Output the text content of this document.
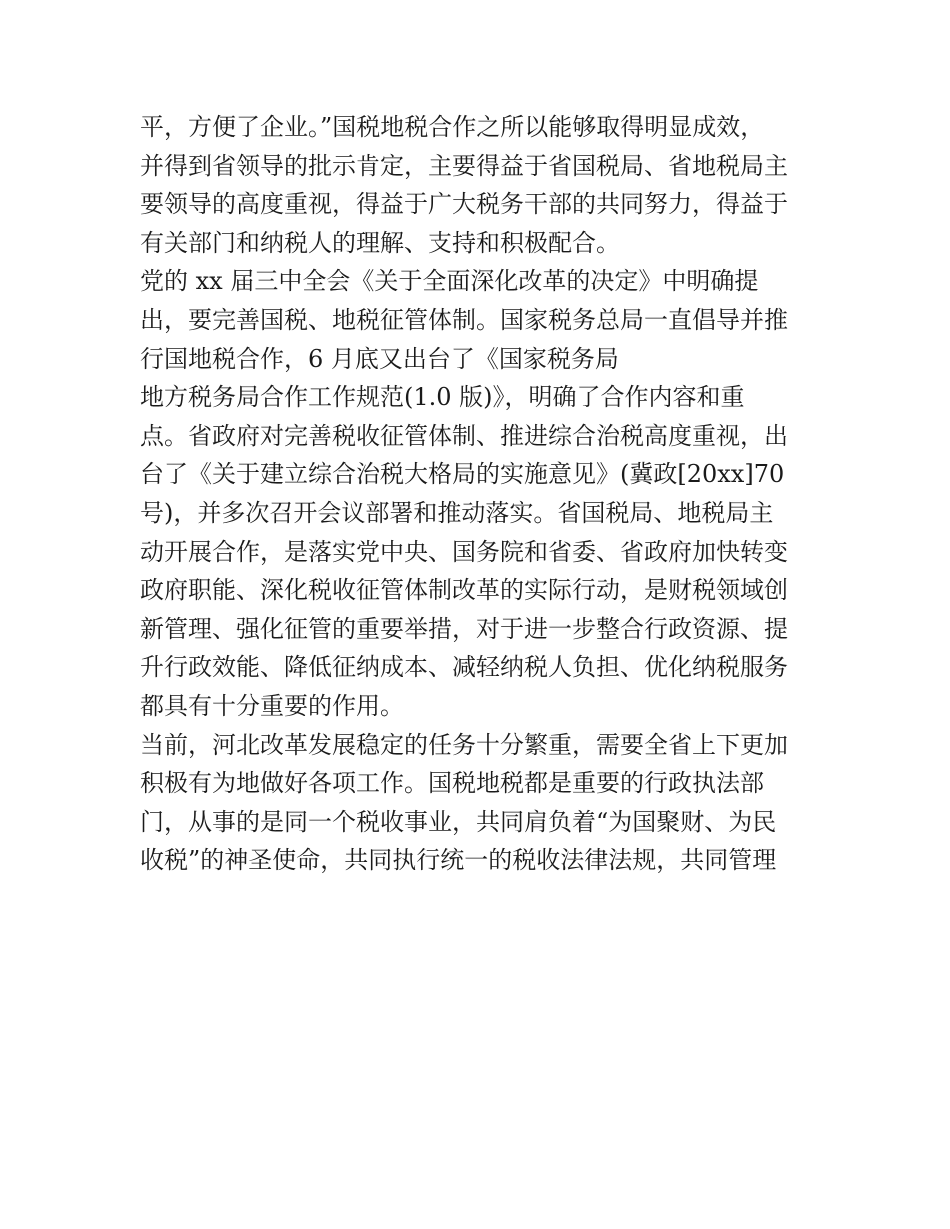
平，方便了企业。”国税地税合作之所以能够取得明显成效，
并得到省领导的批示肯定，主要得益于省国税局、省地税局主
要领导的高度重视，得益于广大税务干部的共同努力，得益于
有关部门和纳税人的理解、支持和积极配合。
党的 xx 届三中全会《关于全面深化改革的决定》中明确提
出，要完善国税、地税征管体制。国家税务总局一直倡导并推
行国地税合作，6 月底又出台了《国家税务局
地方税务局合作工作规范(1.0 版)》，明确了合作内容和重
点。省政府对完善税收征管体制、推进综合治税高度重视，出
台了《关于建立综合治税大格局的实施意见》(冀政[20xx]70
号)，并多次召开会议部署和推动落实。省国税局、地税局主
动开展合作，是落实党中央、国务院和省委、省政府加快转变
政府职能、深化税收征管体制改革的实际行动，是财税领域创
新管理、强化征管的重要举措，对于进一步整合行政资源、提
升行政效能、降低征纳成本、减轻纳税人负担、优化纳税服务
都具有十分重要的作用。
当前，河北改革发展稳定的任务十分繁重，需要全省上下更加
积极有为地做好各项工作。国税地税都是重要的行政执法部
门，从事的是同一个税收事业，共同肩负着“为国聚财、为民
收税”的神圣使命，共同执行统一的税收法律法规，共同管理
